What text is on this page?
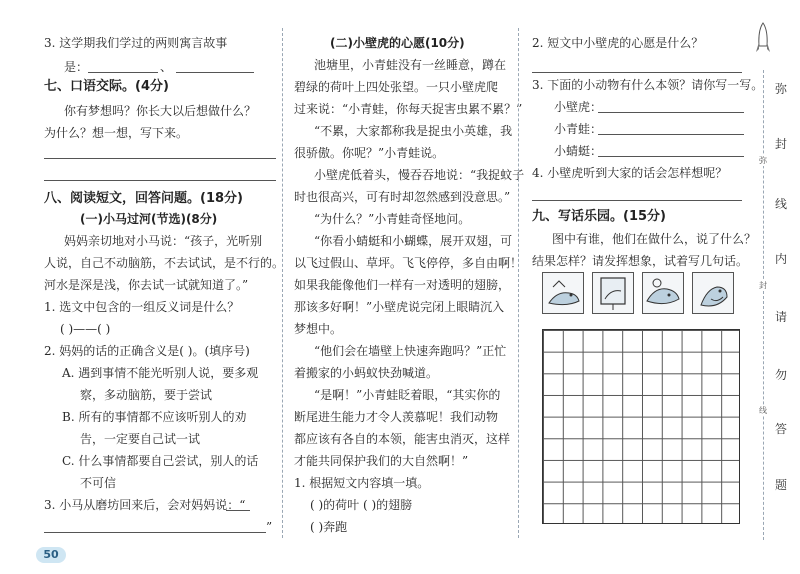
3. 这学期我们学过的两则寓言故事
是：	、
七、口语交际。(4分)
你有梦想吗？你长大以后想做什么？
为什么？想一想，写下来。
八、阅读短文，回答问题。(18分)
(一)小马过河(节选)(8分)
妈妈亲切地对小马说：“孩子，光听别
人说，自己不动脑筋，不去试试，是不行的。
河水是深是浅，你去试一试就知道了。”
1. 选文中包含的一组反义词是什么？
( )——( )
2. 妈妈的话的正确含义是( )。(填序号)
A. 遇到事情不能光听别人说，要多观
察，多动脑筋，要于尝试
B. 所有的事情都不应该听别人的劝
告，一定要自己试一试
C. 什么事情都要自己尝试，别人的话
不可信
3. 小马从磨坊回来后，会对妈妈说：“
”
(二)小壁虎的心愿(10分)
池塘里，小青蛙没有一丝睡意，蹲在
碧绿的荷叶上四处张望。一只小壁虎爬
过来说：“小青蛙，你每天捉害虫累不累？”
“不累，大家都称我是捉虫小英雄，我
很骄傲。你呢？”小青蛙说。
小壁虎低着头，慢吞吞地说：“我捉蚊子
时也很高兴，可有时却忽然感到没意思。”
“为什么？”小青蛙奇怪地问。
“你看小蜻蜓和小蝴蝶，展开双翅，可
以飞过假山、草坪。飞飞停停，多自由啊！
如果我能像他们一样有一对透明的翅膀，
那该多好啊！”小壁虎说完闭上眼睛沉入
梦想中。
“他们会在墙壁上快速奔跑吗？”正忙
着搬家的小蚂蚁快劲喊道。
“是啊！”小青蛙眨着眼，“其实你的
断尾进生能力才令人羡慕呢！我们动物
都应该有各自的本领，能害虫消灭，这样
才能共同保护我们的大自然啊！”
1. 根据短文内容填一填。
( )的荷叶 ( )的翅膀
( )奔跑
2. 短文中小壁虎的心愿是什么？
3. 下面的小动物有什么本领？请你写一写。
小壁虎：
小青蛙：
小蜻蜓：
4. 小壁虎听到大家的话会怎样想呢？
九、写话乐园。(15分)
图中有谁，他们在做什么，说了什么？
结果怎样？请发挥想象，试着写几句话。
弥
封
线
内
请
勿
答
题
弥
封
线
50
